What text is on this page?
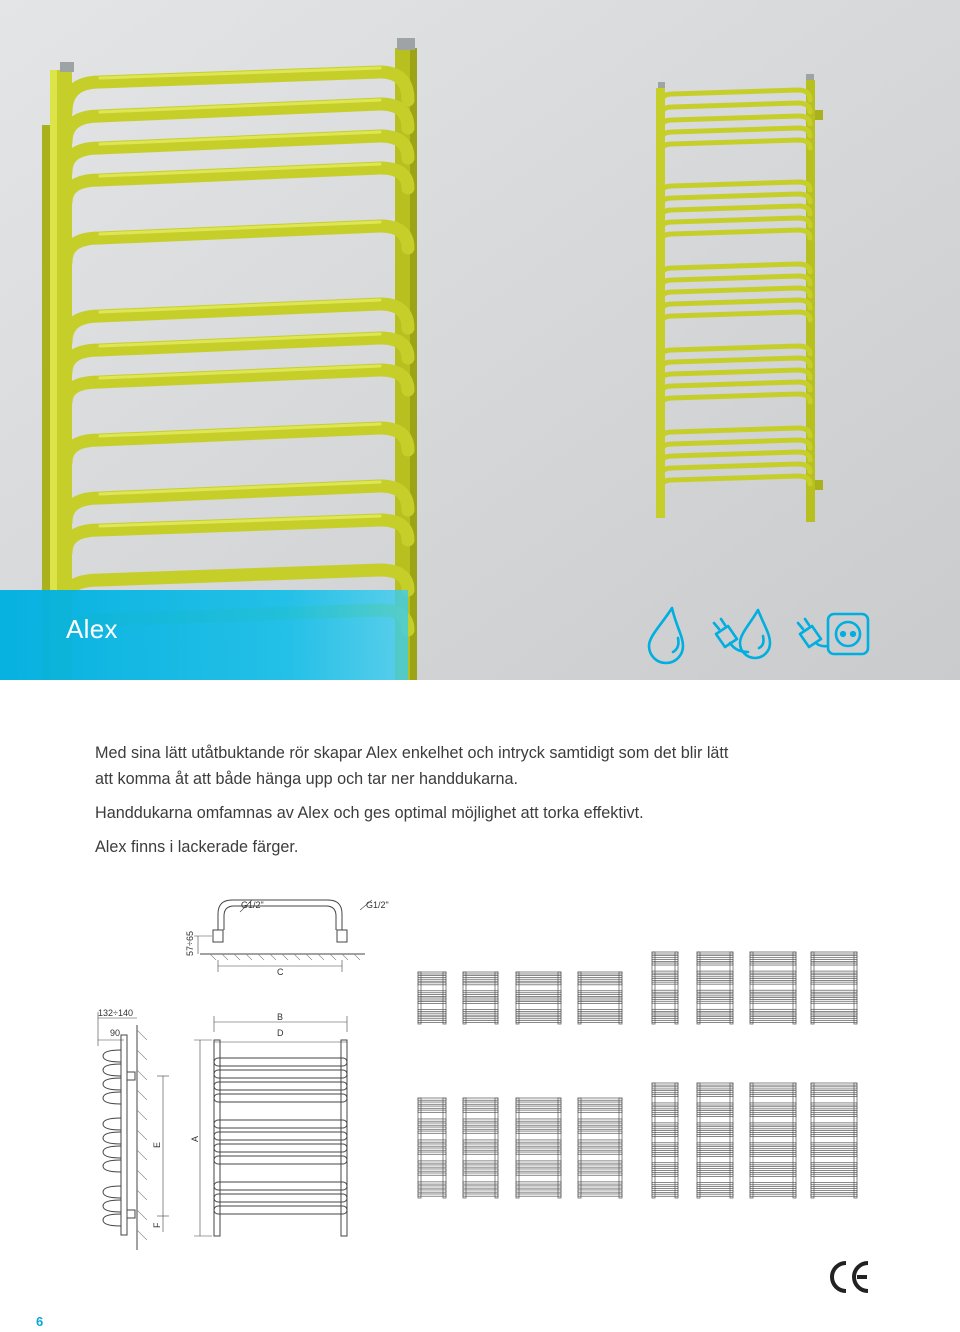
Alex

Med sina lätt utåtbuktande rör skapar Alex enkelhet och intryck samtidigt som det blir lätt

att komma åt att både hänga upp och tar ner handdukarna.

Handdukarna omfamnas av Alex och ges optimal möjlighet att torka effektivt.

Alex finns i lackerade färger.

G1/2"	G1/2"
57÷65
C
132÷140
90
E
F
B
D
A
6
